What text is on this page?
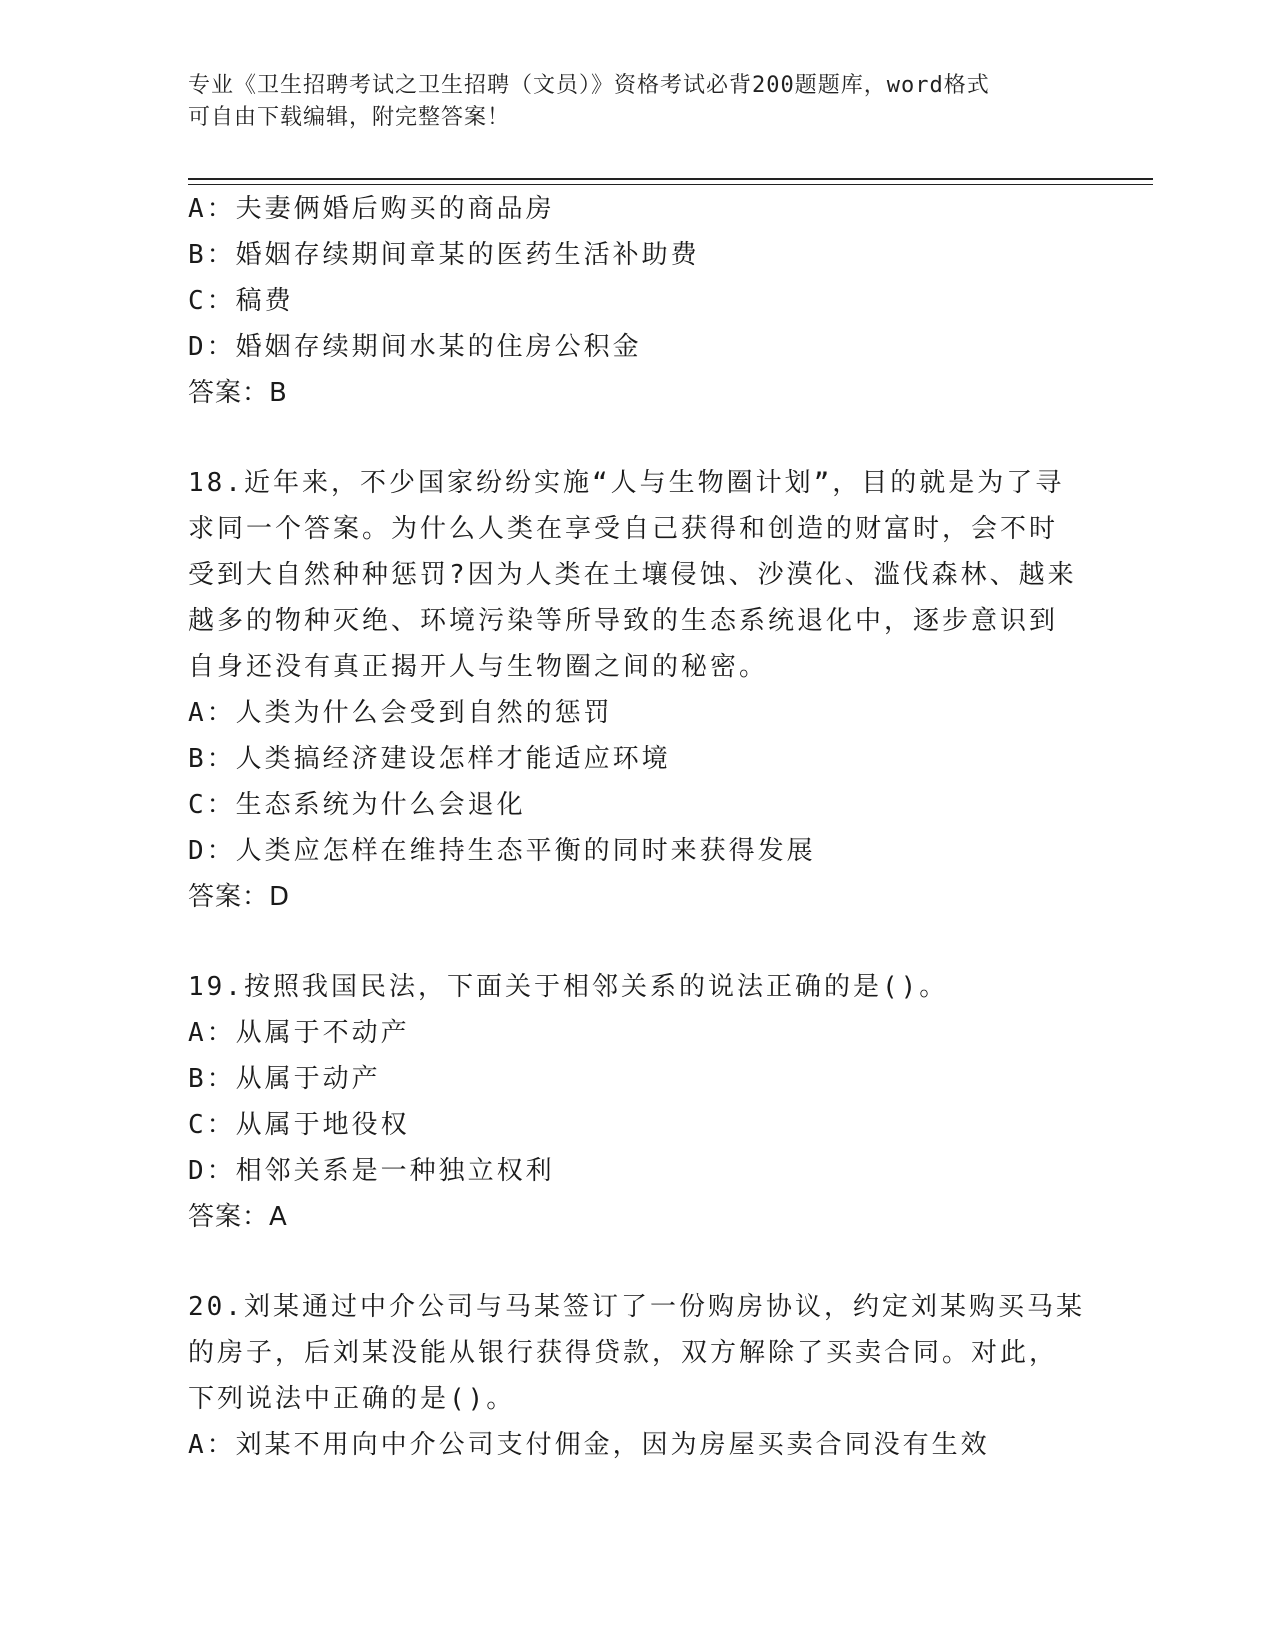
专业《卫生招聘考试之卫生招聘（文员）》资格考试必背200题题库，word格式
可自由下载编辑，附完整答案！
A：夫妻俩婚后购买的商品房
B：婚姻存续期间章某的医药生活补助费
C：稿费
D：婚姻存续期间水某的住房公积金
答案：B
18.近年来，不少国家纷纷实施“人与生物圈计划”，目的就是为了寻
求同一个答案。为什么人类在享受自己获得和创造的财富时，会不时
受到大自然种种惩罚?因为人类在土壤侵蚀、沙漠化、滥伐森林、越来
越多的物种灭绝、环境污染等所导致的生态系统退化中，逐步意识到
自身还没有真正揭开人与生物圈之间的秘密。
A：人类为什么会受到自然的惩罚
B：人类搞经济建设怎样才能适应环境
C：生态系统为什么会退化
D：人类应怎样在维持生态平衡的同时来获得发展
答案：D
19.按照我国民法，下面关于相邻关系的说法正确的是()。
A：从属于不动产
B：从属于动产
C：从属于地役权
D：相邻关系是一种独立权利
答案：A
20.刘某通过中介公司与马某签订了一份购房协议，约定刘某购买马某
的房子，后刘某没能从银行获得贷款，双方解除了买卖合同。对此，
下列说法中正确的是()。
A：刘某不用向中介公司支付佣金，因为房屋买卖合同没有生效
